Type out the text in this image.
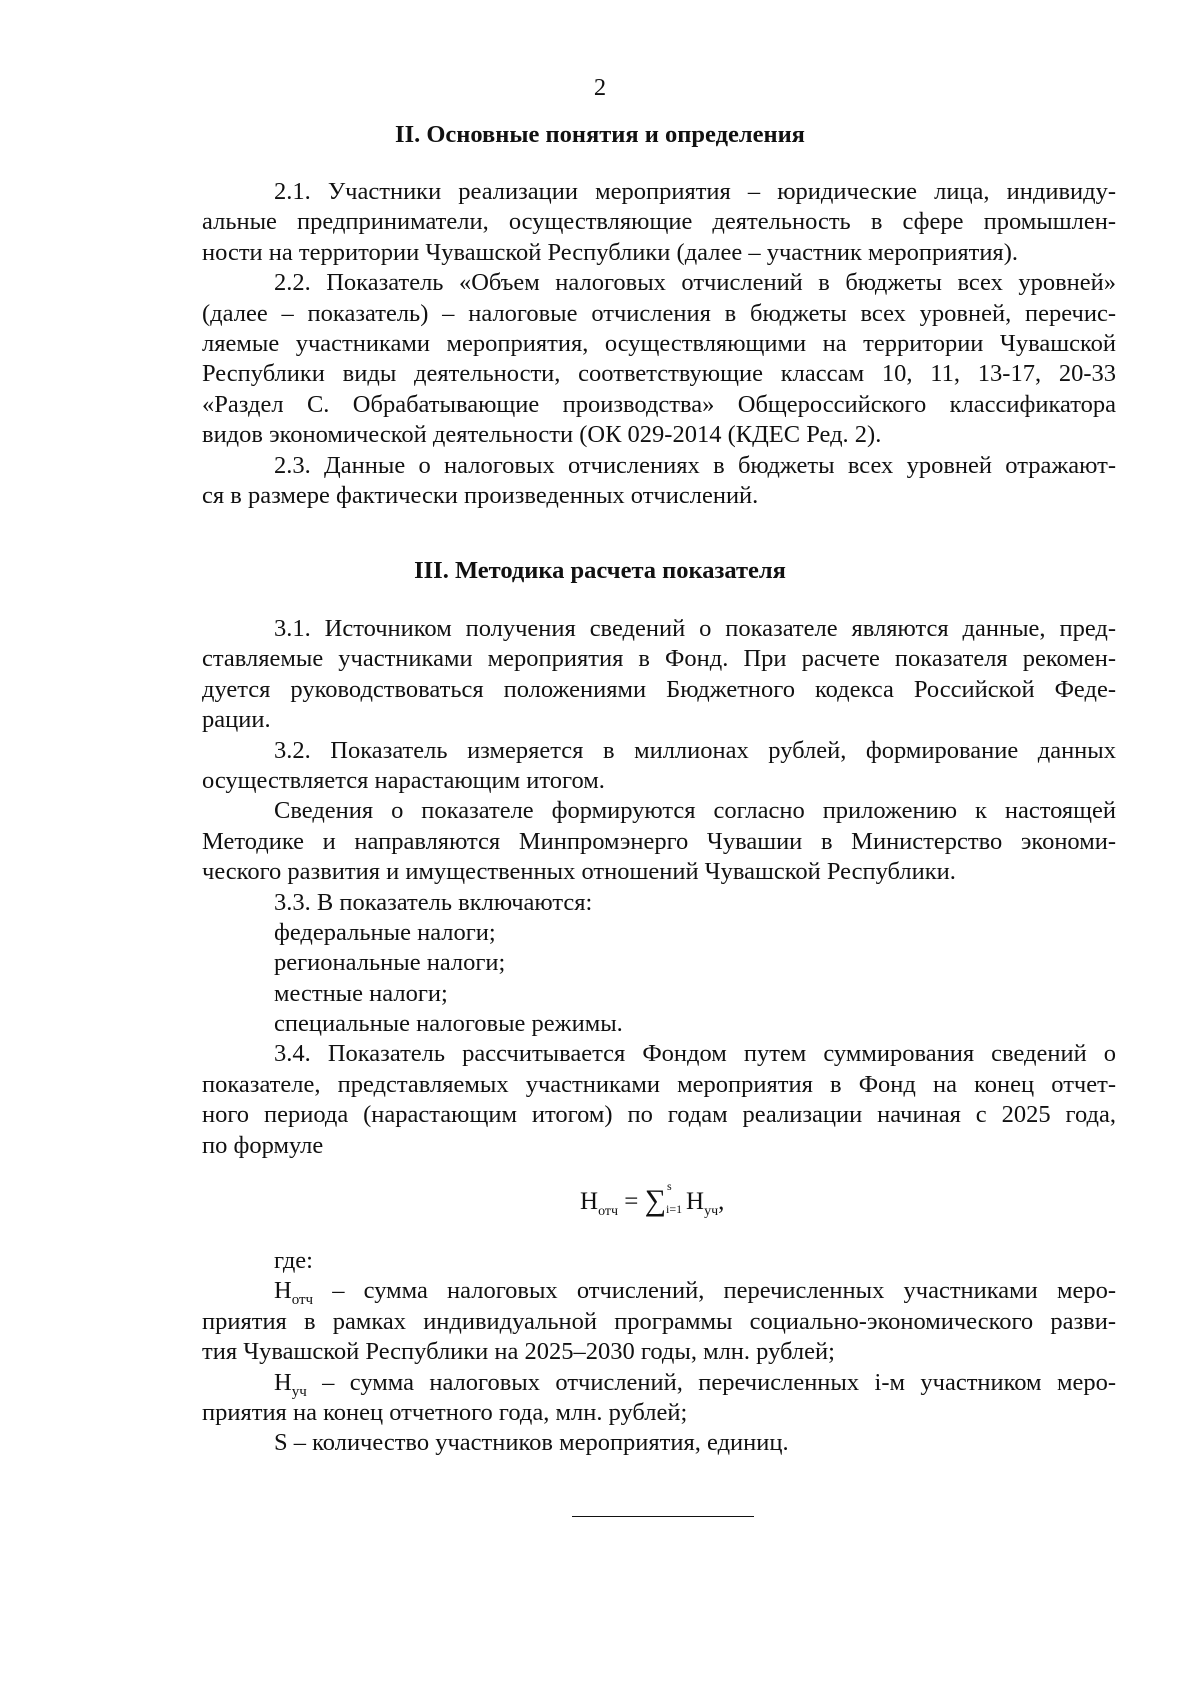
2
II. Основные понятия и определения
2.1. Участники реализации мероприятия – юридические лица, индивиду-
альные предприниматели, осуществляющие деятельность в сфере промышлен-
ности на территории Чувашской Республики (далее – участник мероприятия).
2.2. Показатель «Объем налоговых отчислений в бюджеты всех уровней»
(далее – показатель) – налоговые отчисления в бюджеты всех уровней, перечис-
ляемые участниками мероприятия, осуществляющими на территории Чувашской
Республики виды деятельности, соответствующие классам 10, 11, 13-17, 20-33
«Раздел С. Обрабатывающие производства» Общероссийского классификатора
видов экономической деятельности (ОК 029-2014 (КДЕС Ред. 2).
2.3. Данные о налоговых отчислениях в бюджеты всех уровней отражают-
ся в размере фактически произведенных отчислений.
III. Методика расчета показателя
3.1. Источником получения сведений о показателе являются данные, пред-
ставляемые участниками мероприятия в Фонд. При расчете показателя рекомен-
дуется руководствоваться положениями Бюджетного кодекса Российской Феде-
рации.
3.2. Показатель измеряется в миллионах рублей, формирование данных
осуществляется нарастающим итогом.
Сведения о показателе формируются согласно приложению к настоящей
Методике и направляются Минпромэнерго Чувашии в Министерство экономи-
ческого развития и имущественных отношений Чувашской Республики.
3.3. В показатель включаются:
федеральные налоги;
региональные налоги;
местные налоги;
специальные налоговые режимы.
3.4. Показатель рассчитывается Фондом путем суммирования сведений о
показателе, представляемых участниками мероприятия в Фонд на конец отчет-
ного периода (нарастающим итогом) по годам реализации начиная с 2025 года,
по формуле
$Н_{отч}$ = ∑ s
i=1 $Н_{уч}$,
где:
$Н_{отч}$ – сумма налоговых отчислений, перечисленных участниками меро-
приятия в рамках индивидуальной программы социально-экономического разви-
тия Чувашской Республики на 2025–2030 годы, млн. рублей;
$Н_{уч}$ – сумма налоговых отчислений, перечисленных i-м участником меро-
приятия на конец отчетного года, млн. рублей;
S – количество участников мероприятия, единиц.
